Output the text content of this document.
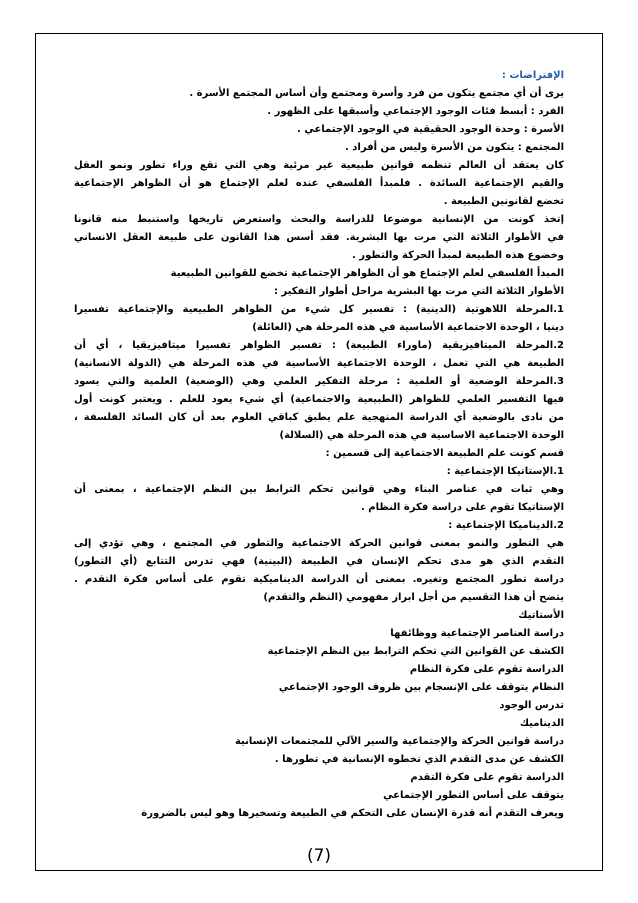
الإفتراضات :
يرى أن أي مجتمع يتكون من فرد وأسرة ومجتمع وأن أساس المجتمع الأسرة .
الفرد : أبسط فئات الوجود الإجتماعي وأسبقها على الظهور .
الأسرة : وحدة الوجود الحقيقية في الوجود الإجتماعي .
المجتمع : يتكون من الأسرة وليس من أفراد .
كان يعتقد أن العالم تنظمه قوانين طبيعية غير مرئية وهي التي تقع وراء تطور ونمو العقل
والقيم الإجتماعية السائدة . فلمبدأ الفلسفي عنده لعلم الإجتماع هو أن الظواهر الإجتماعية
تخضع لقانونين الطبيعة .
إتخذ كونت من الإنسانية موضوعا للدراسة والبحث واستعرض تاريخها واستنبط منه قانونا
في الأطوار الثلاثة التي مرت بها البشرية. فقد أسس هذا القانون على طبيعة العقل الانساني
وخضوع هذه الطبيعة لمبدأ الحركة والتطور .
المبدأ الفلسفي لعلم الإجتماع هو أن الظواهر الإجتماعية تخضع للقوانين الطبيعية
الأطوار الثلاثة التي مرت بها البشرية مراحل أطوار التفكير :
1.المرحلة اللاهوتية (الدينية) : تفسير كل شيء من الظواهر الطبيعية والإجتماعية تفسيرا
دينيا ، الوحدة الاجتماعية الأساسية في هذه المرحلة هي (العائلة)
2.المرحلة الميتافيزيقية (ماوراء الطبيعة) : تفسير الظواهر تفسيرا ميتافيزيقيا ، أي أن
الطبيعة هي التي تعمل ، الوحدة الاجتماعية الأساسية في هذه المرحلة هي (الدولة الانسانية)
3.المرحلة الوضعية أو العلمية : مرحلة التفكير العلمي وهي (الوضعية) العلمية والتي يسود
فيها التفسير العلمي للظواهر (الطبيعية والاجتماعية) أي شيء يعود للعلم . ويعتبر كونت أول
من نادى بالوضعية أي الدراسة المنهجية علم يطبق كباقي العلوم بعد أن كان السائد الفلسفة ،
الوحدة الاجتماعية الاساسية في هذه المرحلة هي (السلالة)
قسم كونت علم الطبيعة الاجتماعية إلى قسمين :
1.الإستاتيكا الإجتماعية :
وهي ثبات في عناصر البناء وهي قوانين تحكم الترابط بين النظم الإجتماعية ، بمعنى أن
الإستاتيكا تقوم على دراسة فكرة النظام .
2.الديناميكا الإجتماعية :
هي التطور والنمو بمعنى قوانين الحركة الاجتماعية والتطور في المجتمع ، وهي تؤدي إلى
التقدم الذي هو مدى تحكم الإنسان في الطبيعة (البينية) فهي تدرس التتابع (أي التطور)
دراسة تطور المجتمع وتغيره. بمعنى أن الدراسة الديناميكية تقوم على أساس فكرة التقدم .
يتضح أن هذا التقسيم من أجل ابراز مفهومي (النظم والتقدم)
الأستاتيك
دراسة العناصر الإجتماعية ووظائفها
الكشف عن القوانين التي تحكم الترابط بين النظم الإجتماعية
الدراسة تقوم على فكرة النظام
النظام يتوقف على الإنسجام بين ظروف الوجود الإجتماعي
تدرس الوجود
الديناميك
دراسة قوانين الحركة والإجتماعية والسير الآلي للمجتمعات الإنسانية
الكشف عن مدى التقدم الذي تخطوه الإنسانية في تطورها .
الدراسة تقوم على فكرة التقدم
يتوقف على أساس التطور الإجتماعي
ويعرف التقدم أنه قدرة الإنسان على التحكم في الطبيعة وتسخيرها وهو ليس بالضرورة
(7)
